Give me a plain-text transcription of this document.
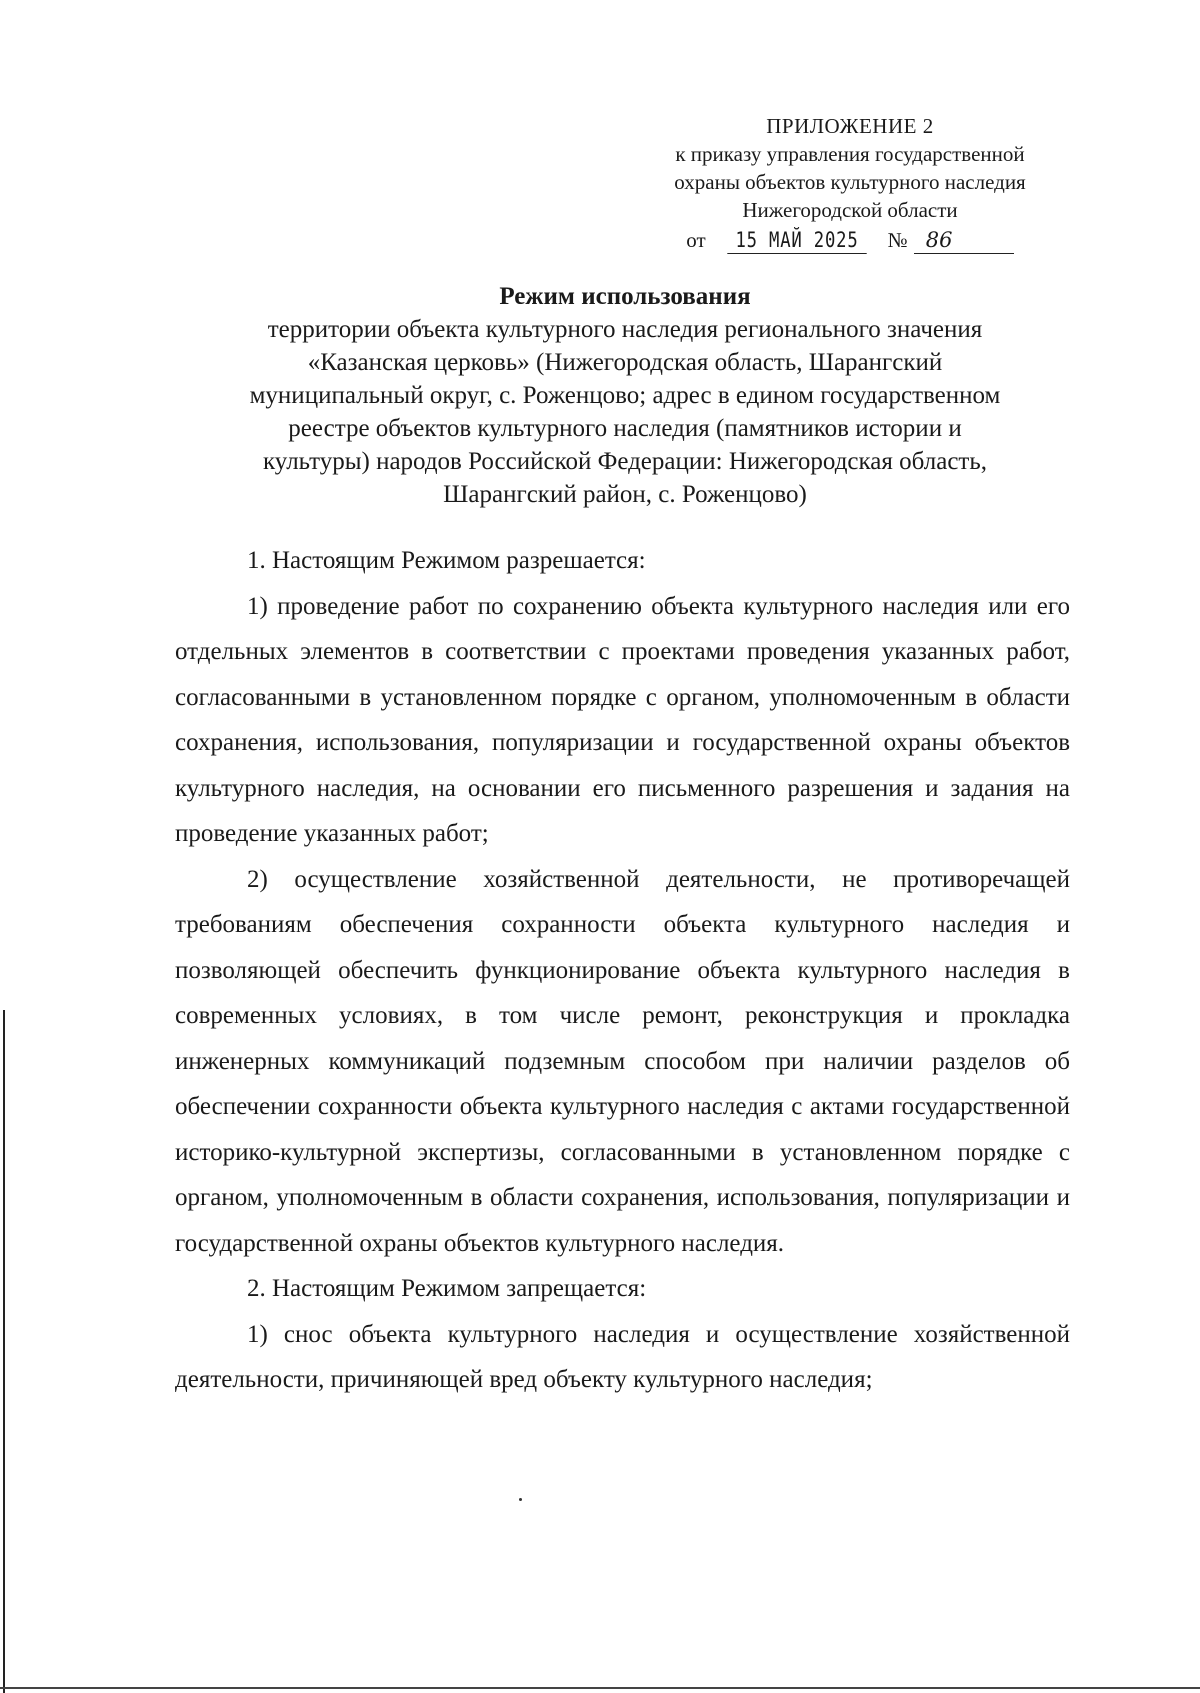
ПРИЛОЖЕНИЕ 2
к приказу управления государственной
охраны объектов культурного наследия
Нижегородской области
от	15 МАЙ 2025	№ 86
Режим использования
территории объекта культурного наследия регионального значения
«Казанская церковь» (Нижегородская область, Шарангский
муниципальный округ, с. Роженцово; адрес в едином государственном
реестре объектов культурного наследия (памятников истории и
культуры) народов Российской Федерации: Нижегородская область,
Шарангский район, с. Роженцово)

1. Настоящим Режимом разрешается:

1) проведение работ по сохранению объекта культурного наследия или его отдельных элементов в соответствии с проектами проведения указанных работ, согласованными в установленном порядке с органом, уполномоченным в области сохранения, использования, популяризации и государственной охраны объектов культурного наследия, на основании его письменного разрешения и задания на проведение указанных работ;

2) осуществление хозяйственной деятельности, не противоречащей требованиям обеспечения сохранности объекта культурного наследия и позволяющей обеспечить функционирование объекта культурного наследия в современных условиях, в том числе ремонт, реконструкция и прокладка инженерных коммуникаций подземным способом при наличии разделов об обеспечении сохранности объекта культурного наследия с актами государственной историко-культурной экспертизы, согласованными в установленном порядке с органом, уполномоченным в области сохранения, использования, популяризации и государственной охраны объектов культурного наследия.

2. Настоящим Режимом запрещается:

1) снос объекта культурного наследия и осуществление хозяйственной деятельности, причиняющей вред объекту культурного наследия;
